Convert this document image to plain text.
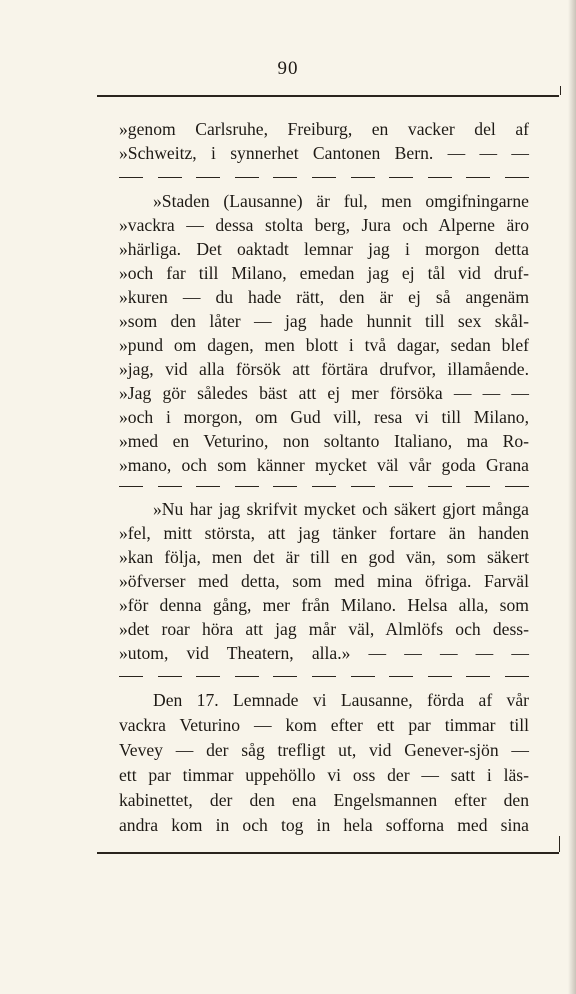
90
»genom Carlsruhe, Freiburg, en vacker del af
»Schweitz, i synnerhet Cantonen Bern. — — —
»Staden (Lausanne) är ful, men omgifningarne
»vackra — dessa stolta berg, Jura och Alperne äro
»härliga. Det oaktadt lemnar jag i morgon detta
»och far till Milano, emedan jag ej tål vid druf-
»kuren — du hade rätt, den är ej så angenäm
»som den låter — jag hade hunnit till sex skål-
»pund om dagen, men blott i två dagar, sedan blef
»jag, vid alla försök att förtära drufvor, illamående.
»Jag gör således bäst att ej mer försöka — — —
»och i morgon, om Gud vill, resa vi till Milano,
»med en Veturino, non soltanto Italiano, ma Ro-
»mano, och som känner mycket väl vår goda Grana
»Nu har jag skrifvit mycket och säkert gjort många
»fel, mitt största, att jag tänker fortare än handen
»kan följa, men det är till en god vän, som säkert
»öfverser med detta, som med mina öfriga. Farväl
»för denna gång, mer från Milano. Helsa alla, som
»det roar höra att jag mår väl, Almlöfs och dess-
»utom, vid Theatern, alla.» — — — — —
Den 17. Lemnade vi Lausanne, förda af vår
vackra Veturino — kom efter ett par timmar till
Vevey — der såg trefligt ut, vid Genever-sjön —
ett par timmar uppehöllo vi oss der — satt i läs-
kabinettet, der den ena Engelsmannen efter den
andra kom in och tog in hela sofforna med sina
